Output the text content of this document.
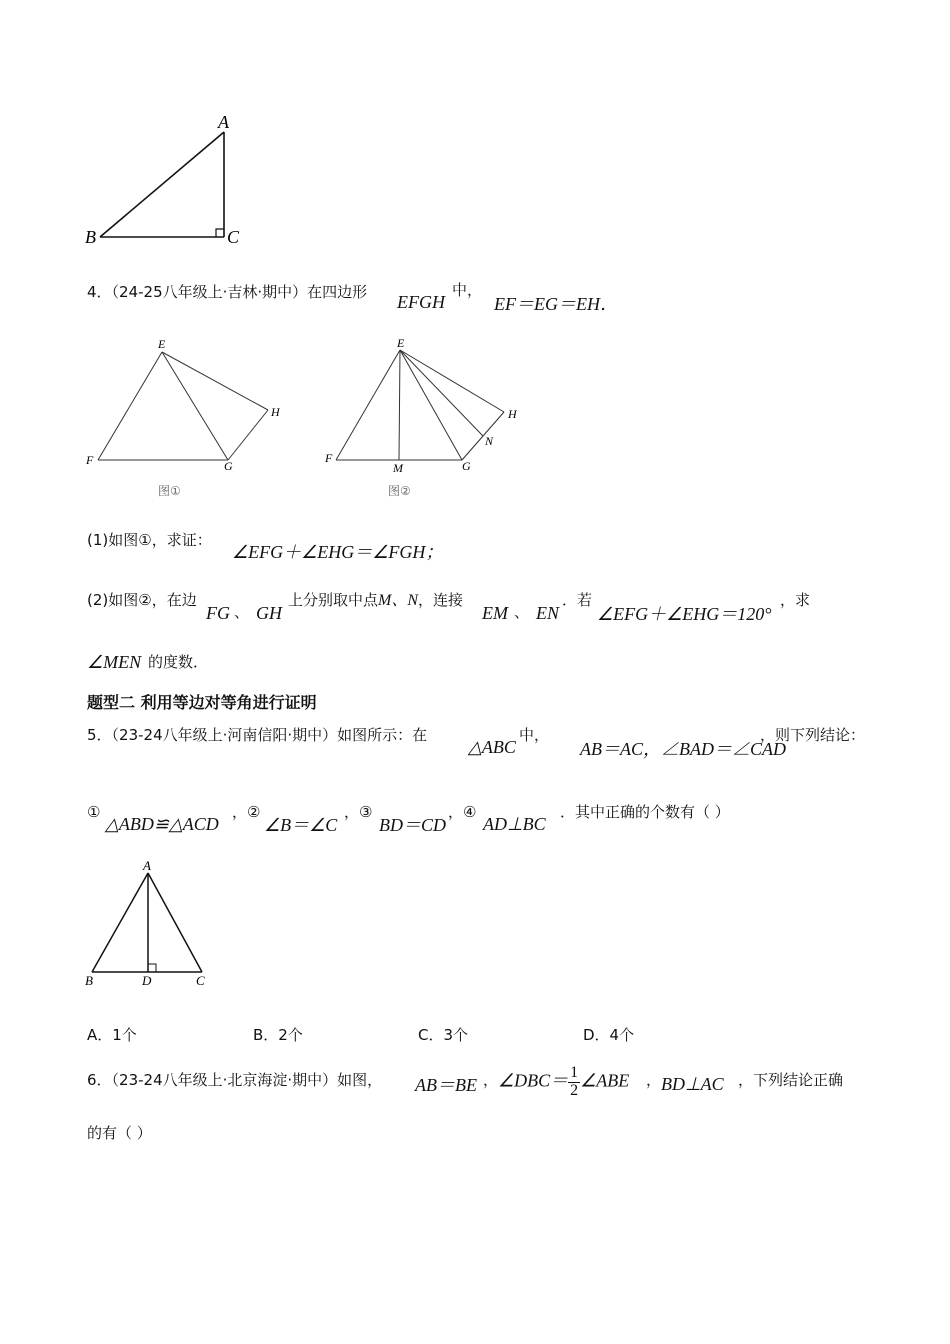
A
B	C
4．（24-25八年级上·吉林·期中）在四边形 EFGH
中，
EF＝EG＝EH．
E
F	G
H
图①
E
F
G
H
M
N
图②
(1)如图①，求证：
∠EFG＋∠EHG＝∠FGH；
(2)如图②，在边
FG 、 GH
上分别取中点M、N，连接
EM 、 EN
．若
∠EFG＋∠EHG＝120°
，求
∠MEN 的度数．
题型二 利用等边对等角进行证明
5．（23-24八年级上·河南信阳·期中）如图所示：在
△ABC
中，
AB＝AC，∠BAD＝∠CAD
，则下列结论：
①
△ABD≌△ACD
，②
∠B＝∠C
，③
BD＝CD
，④
AD⊥BC
．其中正确的个数有（ ）
A
B	C
D
A．1个	B．2个	C．3个	D．4个
6．（23-24八年级上·北京海淀·期中）如图， AB＝BE ， ∠DBC＝ $\frac{1}{2}$ ∠ABE ， BD⊥AC ，下列结论正确
的有（ ）
